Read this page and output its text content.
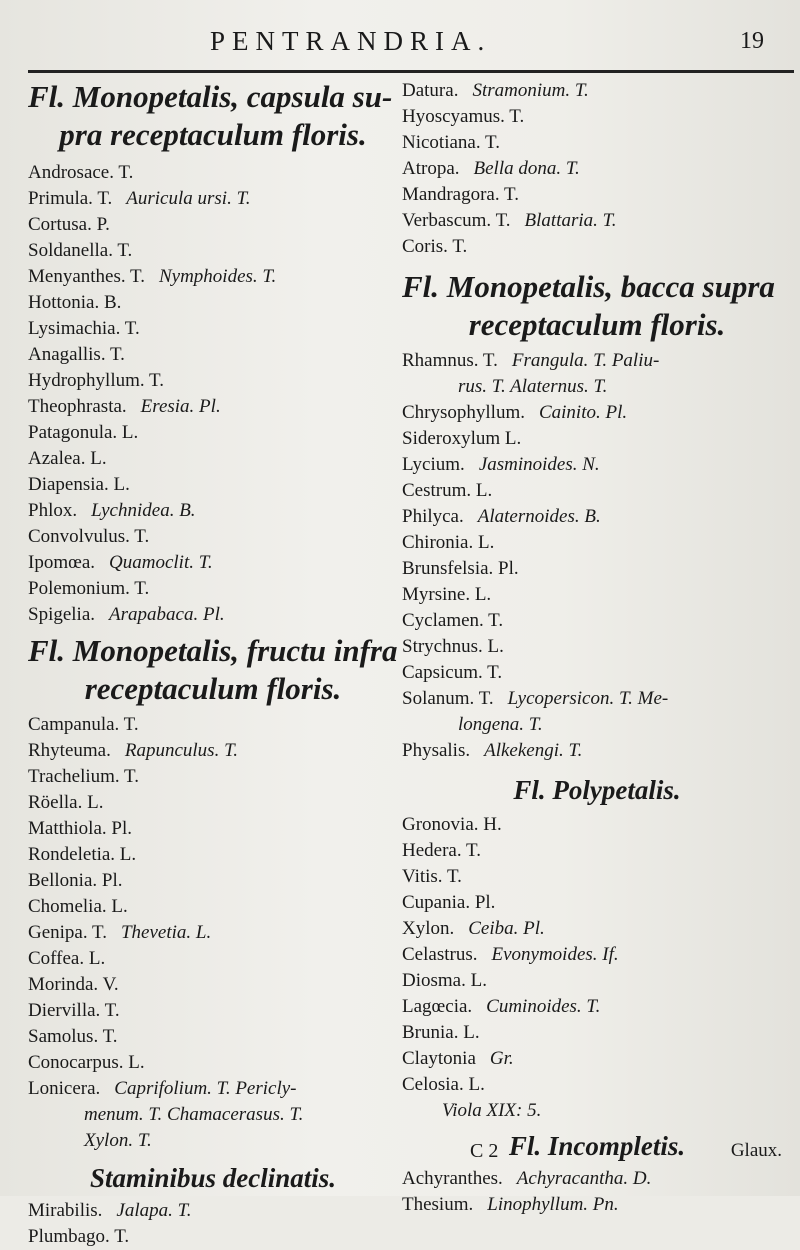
PENTRANDRIA.	19
Fl. Monopetalis, capsula su-
pra receptaculum floris.
Androsace. T.
Primula. T. Auricula ursi. T.
Cortusa. P.
Soldanella. T.
Menyanthes. T. Nymphoides. T.
Hottonia. B.
Lysimachia. T.
Anagallis. T.
Hydrophyllum. T.
Theophrasta. Eresia. Pl.
Patagonula. L.
Azalea. L.
Diapensia. L.
Phlox. Lychnidea. B.
Convolvulus. T.
Ipomœa. Quamoclit. T.
Polemonium. T.
Spigelia. Arapabaca. Pl.
Fl. Monopetalis, fructu infra
receptaculum floris.
Campanula. T.
Rhyteuma. Rapunculus. T.
Trachelium. T.
Röella. L.
Matthiola. Pl.
Rondeletia. L.
Bellonia. Pl.
Chomelia. L.
Genipa. T. Thevetia. L.
Coffea. L.
Morinda. V.
Diervilla. T.
Samolus. T.
Conocarpus. L.
Lonicera. Caprifolium. T. Pericly-
menum. T. Chamacerasus. T.
Xylon. T.
Staminibus declinatis.
Mirabilis. Jalapa. T.
Plumbago. T.
Datura. Stramonium. T.
Hyoscyamus. T.
Nicotiana. T.
Atropa. Bella dona. T.
Mandragora. T.
Verbascum. T. Blattaria. T.
Coris. T.
Fl. Monopetalis, bacca supra
receptaculum floris.
Rhamnus. T. Frangula. T. Paliu-
rus. T. Alaternus. T.
Chrysophyllum. Cainito. Pl.
Sideroxylum L.
Lycium. Jasminoides. N.
Cestrum. L.
Philyca. Alaternoides. B.
Chironia. L.
Brunsfelsia. Pl.
Myrsine. L.
Cyclamen. T.
Strychnus. L.
Capsicum. T.
Solanum. T. Lycopersicon. T. Me-
longena. T.
Physalis. Alkekengi. T.
Fl. Polypetalis.
Gronovia. H.
Hedera. T.
Vitis. T.
Cupania. Pl.
Xylon. Ceiba. Pl.
Celastrus. Evonymoides. If.
Diosma. L.
Lagœcia. Cuminoides. T.
Brunia. L.
Claytonia Gr.
Celosia. L.
Viola XIX: 5.
Fl. Incompletis.
Achyranthes. Achyracantha. D.
Thesium. Linophyllum. Pn.
C 2	Glaux.
